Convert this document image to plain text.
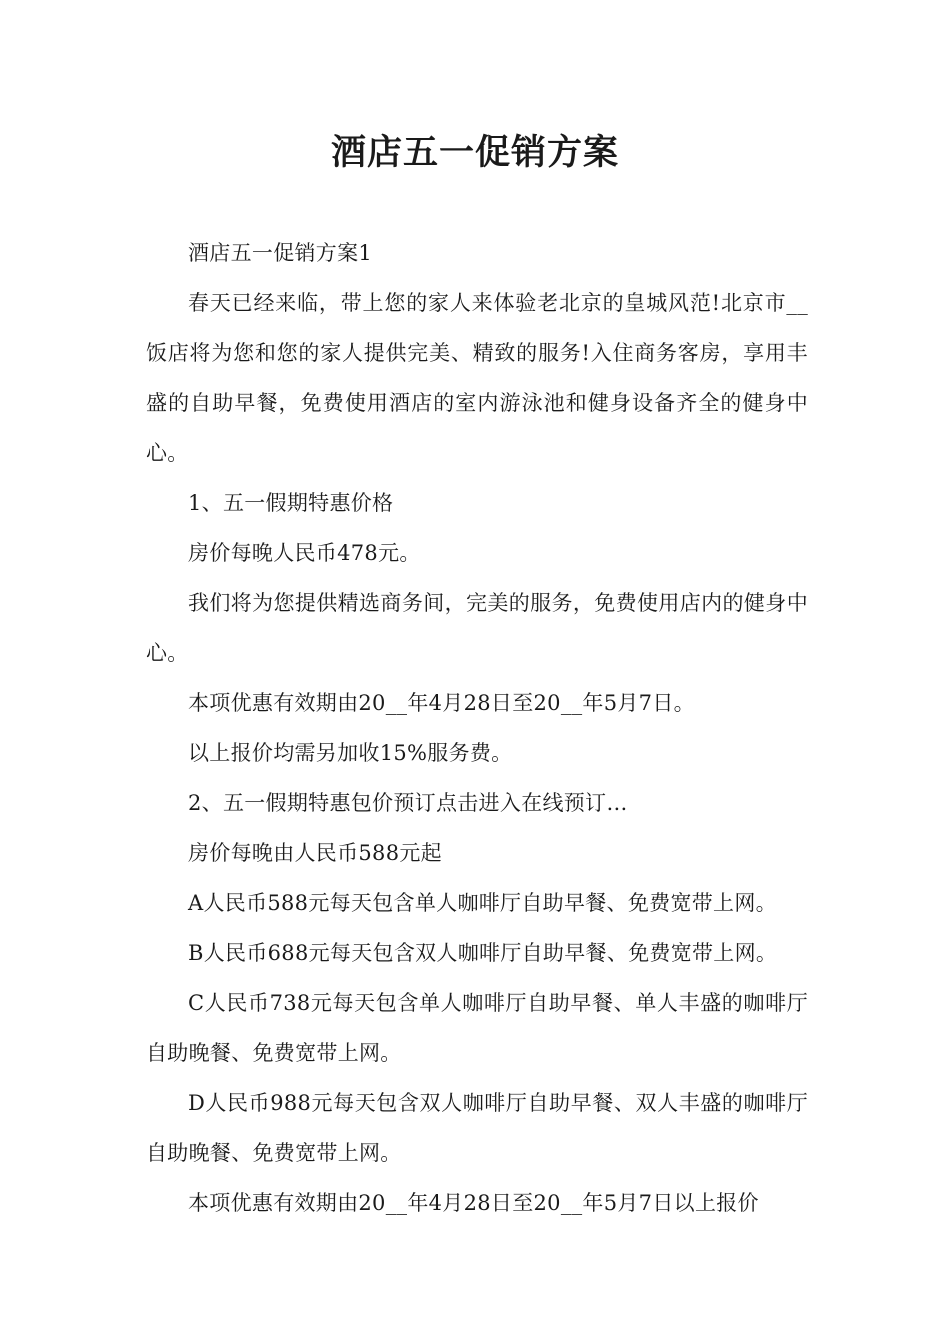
酒店五一促销方案

酒店五一促销方案1

春天已经来临，带上您的家人来体验老北京的皇城风范!北京市__饭店将为您和您的家人提供完美、精致的服务!入住商务客房，享用丰盛的自助早餐，免费使用酒店的室内游泳池和健身设备齐全的健身中心。

1、五一假期特惠价格

房价每晚人民币478元。

我们将为您提供精选商务间，完美的服务，免费使用店内的健身中心。

本项优惠有效期由20__年4月28日至20__年5月7日。

以上报价均需另加收15%服务费。

2、五一假期特惠包价预订点击进入在线预订…

房价每晚由人民币588元起

A人民币588元每天包含单人咖啡厅自助早餐、免费宽带上网。

B人民币688元每天包含双人咖啡厅自助早餐、免费宽带上网。

C人民币738元每天包含单人咖啡厅自助早餐、单人丰盛的咖啡厅自助晚餐、免费宽带上网。

D人民币988元每天包含双人咖啡厅自助早餐、双人丰盛的咖啡厅自助晚餐、免费宽带上网。

本项优惠有效期由20__年4月28日至20__年5月7日以上报价
